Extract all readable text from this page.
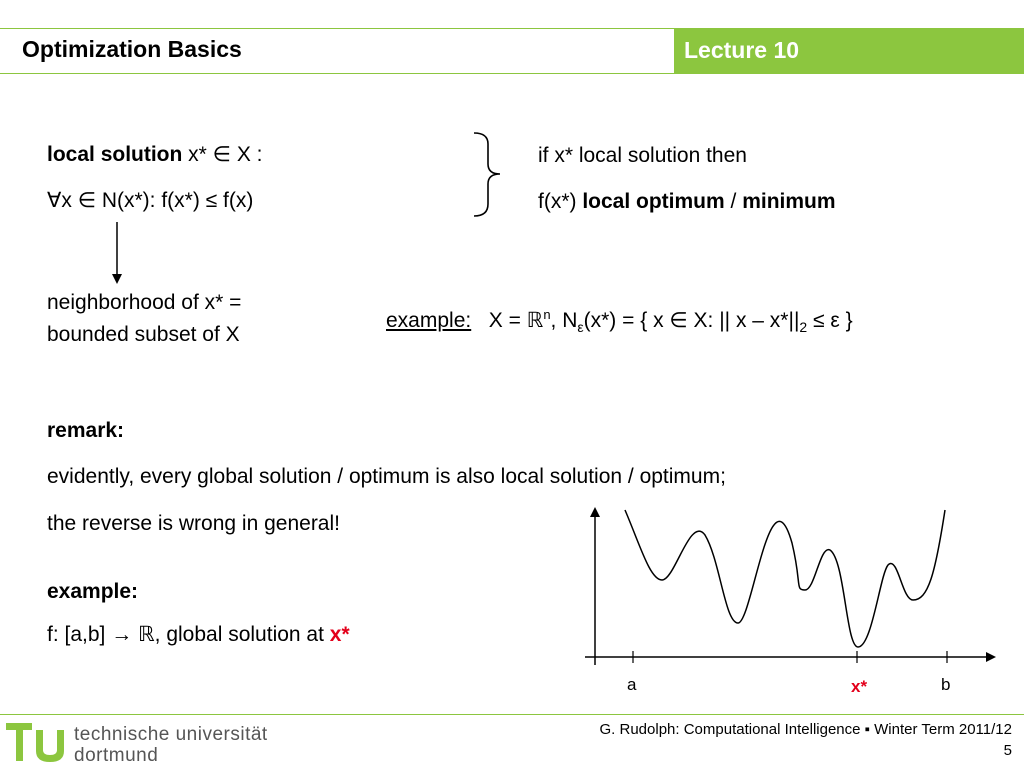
Optimization Basics	Lecture 10
local solution x* ∈ X :
∀x ∈ N(x*): f(x*) ≤ f(x)
neighborhood of x* =
bounded subset of X
if x* local solution then
f(x*) local optimum / minimum
example: X = ℝ$^n$, $N_\varepsilon(x*)$ = { x ∈ X: || $x - x*||_2 \le \varepsilon$ }
remark:
evidently, every global solution / optimum is also local solution / optimum;
the reverse is wrong in general!
example:
f: [a,b] → ℝ, global solution at x*
a	x*	b
technische universität
dortmund
G. Rudolph: Computational Intelligence ▪ Winter Term 2011/12
5
